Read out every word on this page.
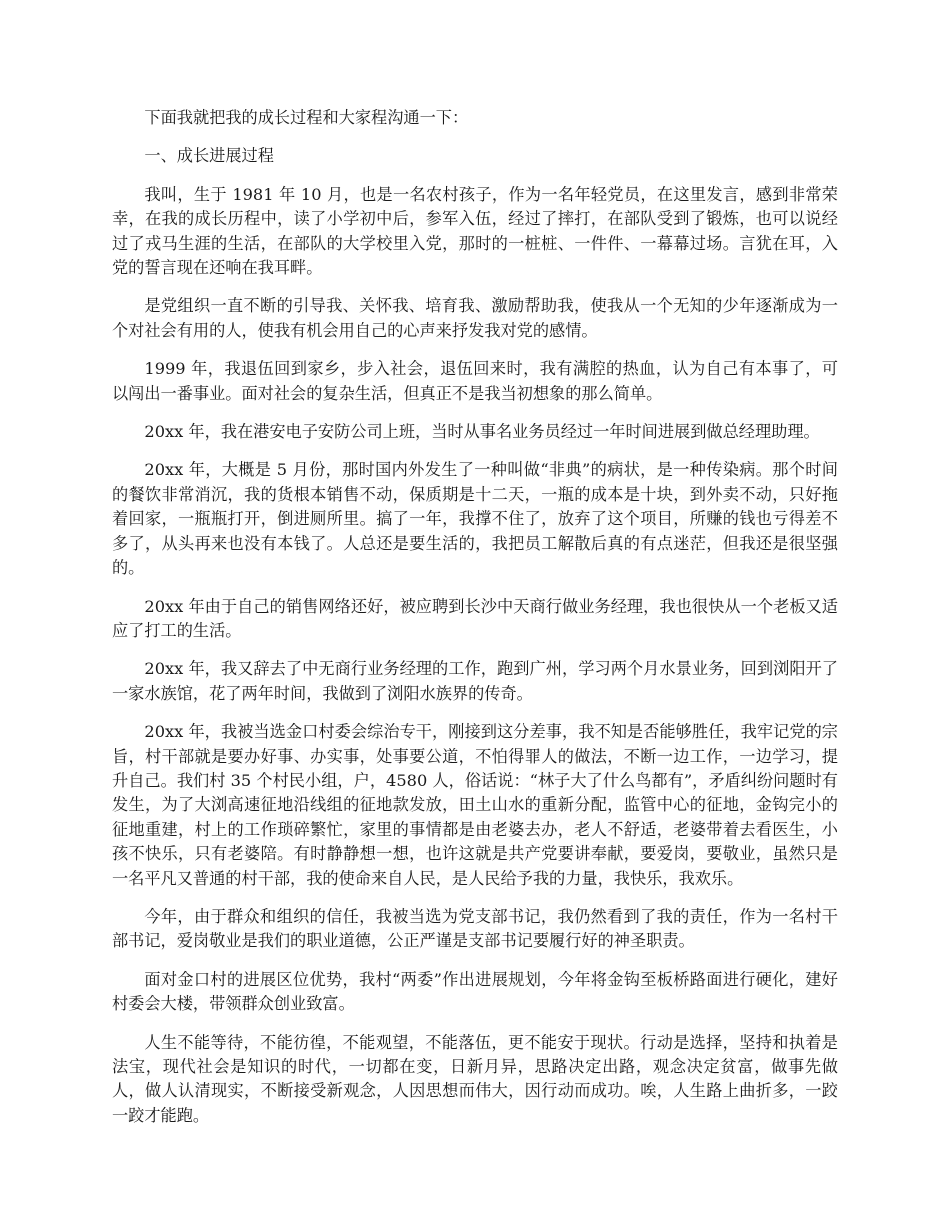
下面我就把我的成长过程和大家程沟通一下：

一、成长进展过程

我叫，生于 1981 年 10 月，也是一名农村孩子，作为一名年轻党员，在这里发言，感到非常荣幸，在我的成长历程中，读了小学初中后，参军入伍，经过了摔打，在部队受到了锻炼，也可以说经过了戎马生涯的生活，在部队的大学校里入党，那时的一桩桩、一件件、一幕幕过场。言犹在耳，入党的誓言现在还响在我耳畔。

是党组织一直不断的引导我、关怀我、培育我、激励帮助我，使我从一个无知的少年逐渐成为一个对社会有用的人，使我有机会用自己的心声来抒发我对党的感情。

1999 年，我退伍回到家乡，步入社会，退伍回来时，我有满腔的热血，认为自己有本事了，可以闯出一番事业。面对社会的复杂生活，但真正不是我当初想象的那么简单。

20xx 年，我在港安电子安防公司上班，当时从事名业务员经过一年时间进展到做总经理助理。

20xx 年，大概是 5 月份，那时国内外发生了一种叫做“非典”的病状，是一种传染病。那个时间的餐饮非常消沉，我的货根本销售不动，保质期是十二天，一瓶的成本是十块，到外卖不动，只好拖着回家，一瓶瓶打开，倒进厕所里。搞了一年，我撑不住了，放弃了这个项目，所赚的钱也亏得差不多了，从头再来也没有本钱了。人总还是要生活的，我把员工解散后真的有点迷茫，但我还是很坚强的。

20xx 年由于自己的销售网络还好，被应聘到长沙中天商行做业务经理，我也很快从一个老板又适应了打工的生活。

20xx 年，我又辞去了中无商行业务经理的工作，跑到广州，学习两个月水景业务，回到浏阳开了一家水族馆，花了两年时间，我做到了浏阳水族界的传奇。

20xx 年，我被当选金口村委会综治专干，刚接到这分差事，我不知是否能够胜任，我牢记党的宗旨，村干部就是要办好事、办实事，处事要公道，不怕得罪人的做法，不断一边工作，一边学习，提升自己。我们村 35 个村民小组，户，4580 人，俗话说：“林子大了什么鸟都有”，矛盾纠纷问题时有发生，为了大浏高速征地沿线组的征地款发放，田土山水的重新分配，监管中心的征地，金钩完小的征地重建，村上的工作琐碎繁忙，家里的事情都是由老婆去办，老人不舒适，老婆带着去看医生，小孩不快乐，只有老婆陪。有时静静想一想，也许这就是共产党要讲奉献，要爱岗，要敬业，虽然只是一名平凡又普通的村干部，我的使命来自人民，是人民给予我的力量，我快乐，我欢乐。

今年，由于群众和组织的信任，我被当选为党支部书记，我仍然看到了我的责任，作为一名村干部书记，爱岗敬业是我们的职业道德，公正严谨是支部书记要履行好的神圣职责。

面对金口村的进展区位优势，我村“两委”作出进展规划，今年将金钩至板桥路面进行硬化，建好村委会大楼，带领群众创业致富。

人生不能等待，不能彷徨，不能观望，不能落伍，更不能安于现状。行动是选择，坚持和执着是法宝，现代社会是知识的时代，一切都在变，日新月异，思路决定出路，观念决定贫富，做事先做人，做人认清现实，不断接受新观念，人因思想而伟大，因行动而成功。唉，人生路上曲折多，一跤一跤才能跑。
